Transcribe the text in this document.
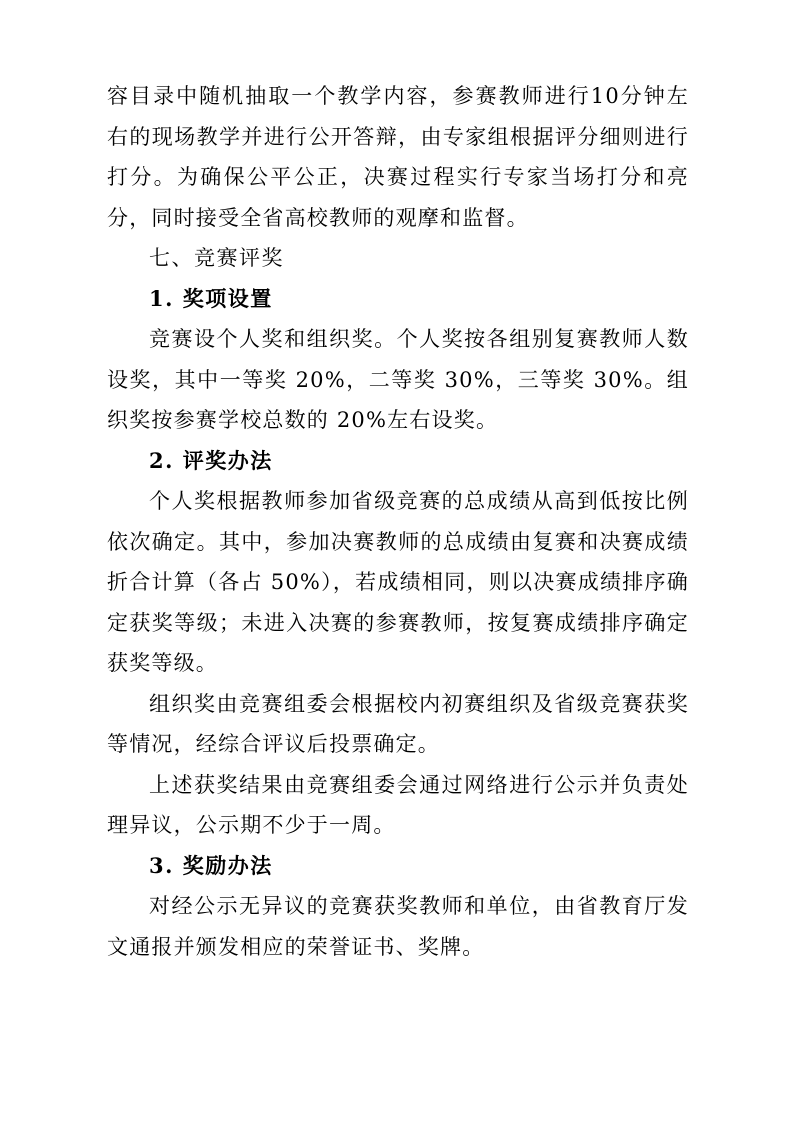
容目录中随机抽取一个教学内容，参赛教师进行10分钟左右的现场教学并进行公开答辩，由专家组根据评分细则进行打分。为确保公平公正，决赛过程实行专家当场打分和亮分，同时接受全省高校教师的观摩和监督。

七、竞赛评奖

1. 奖项设置

竞赛设个人奖和组织奖。个人奖按各组别复赛教师人数设奖，其中一等奖 20%，二等奖 30%，三等奖 30%。组织奖按参赛学校总数的 20%左右设奖。

2. 评奖办法

个人奖根据教师参加省级竞赛的总成绩从高到低按比例依次确定。其中，参加决赛教师的总成绩由复赛和决赛成绩折合计算（各占 50%），若成绩相同，则以决赛成绩排序确定获奖等级；未进入决赛的参赛教师，按复赛成绩排序确定获奖等级。

组织奖由竞赛组委会根据校内初赛组织及省级竞赛获奖等情况，经综合评议后投票确定。

上述获奖结果由竞赛组委会通过网络进行公示并负责处理异议，公示期不少于一周。

3. 奖励办法

对经公示无异议的竞赛获奖教师和单位，由省教育厅发文通报并颁发相应的荣誉证书、奖牌。
